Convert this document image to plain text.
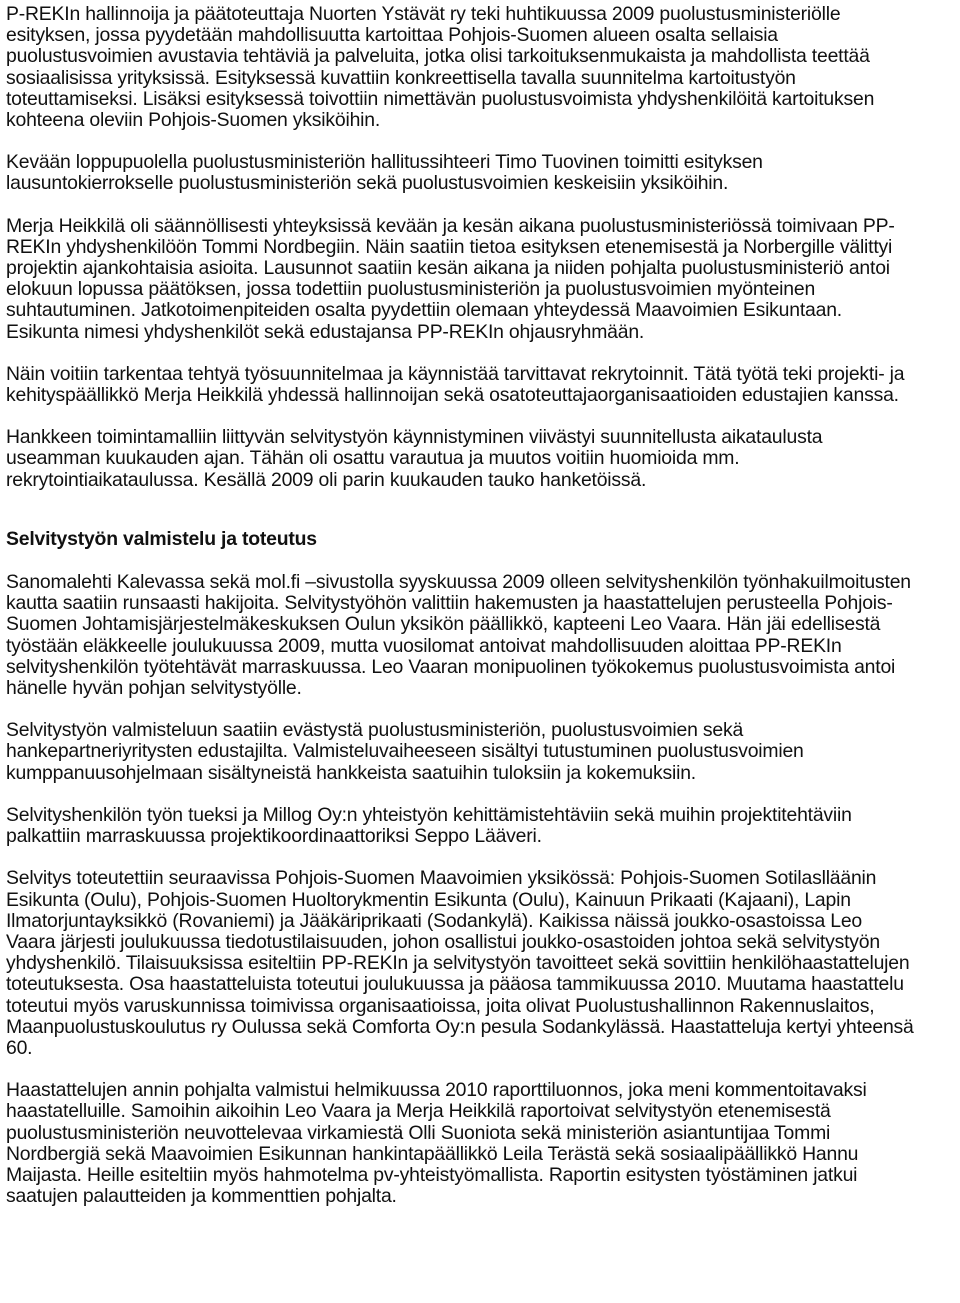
P-REKIn hallinnoija ja päätoteuttaja Nuorten Ystävät ry teki huhtikuussa 2009 puolustusministeriölle
esityksen, jossa pyydetään mahdollisuutta kartoittaa Pohjois-Suomen alueen osalta sellaisia
puolustusvoimien avustavia tehtäviä ja palveluita, jotka olisi tarkoituksenmukaista ja mahdollista teettää
sosiaalisissa yrityksissä. Esityksessä kuvattiin konkreettisella tavalla suunnitelma kartoitustyön
toteuttamiseksi. Lisäksi esityksessä toivottiin nimettävän puolustusvoimista yhdyshenkilöitä kartoituksen
kohteena oleviin Pohjois-Suomen yksiköihin.

Kevään loppupuolella puolustusministeriön hallitussihteeri Timo Tuovinen toimitti esityksen
lausuntokierrokselle puolustusministeriön sekä puolustusvoimien keskeisiin yksiköihin.

Merja Heikkilä oli säännöllisesti yhteyksissä kevään ja kesän aikana puolustusministeriössä toimivaan PP-
REKIn yhdyshenkilöön Tommi Nordbegiin. Näin saatiin tietoa esityksen etenemisestä ja Norbergille välittyi
projektin ajankohtaisia asioita. Lausunnot saatiin kesän aikana ja niiden pohjalta puolustusministeriö antoi
elokuun lopussa päätöksen, jossa todettiin puolustusministeriön ja puolustusvoimien myönteinen
suhtautuminen. Jatkotoimenpiteiden osalta pyydettiin olemaan yhteydessä Maavoimien Esikuntaan.
Esikunta nimesi yhdyshenkilöt sekä edustajansa PP-REKIn ohjausryhmään.

Näin voitiin tarkentaa tehtyä työsuunnitelmaa ja käynnistää tarvittavat rekrytoinnit. Tätä työtä teki projekti- ja
kehityspäällikkö Merja Heikkilä yhdessä hallinnoijan sekä osatoteuttajaorganisaatioiden edustajien kanssa.

Hankkeen toimintamalliin liittyvän selvitystyön käynnistyminen viivästyi suunnitellusta aikataulusta
useamman kuukauden ajan. Tähän oli osattu varautua ja muutos voitiin huomioida mm.
rekrytointiaikataulussa. Kesällä 2009 oli parin kuukauden tauko hanketöissä.

Selvitystyön valmistelu ja toteutus

Sanomalehti Kalevassa sekä mol.fi –sivustolla syyskuussa 2009 olleen selvityshenkilön työnhakuilmoitusten
kautta saatiin runsaasti hakijoita. Selvitystyöhön valittiin hakemusten ja haastattelujen perusteella Pohjois-
Suomen Johtamisjärjestelmäkeskuksen Oulun yksikön päällikkö, kapteeni Leo Vaara. Hän jäi edellisestä
työstään eläkkeelle joulukuussa 2009, mutta vuosilomat antoivat mahdollisuuden aloittaa PP-REKIn
selvityshenkilön työtehtävät marraskuussa. Leo Vaaran monipuolinen työkokemus puolustusvoimista antoi
hänelle hyvän pohjan selvitystyölle.

Selvitystyön valmisteluun saatiin evästystä puolustusministeriön, puolustusvoimien sekä
hankepartneriyritysten edustajilta. Valmisteluvaiheeseen sisältyi tutustuminen puolustusvoimien
kumppanuusohjelmaan sisältyneistä hankkeista saatuihin tuloksiin ja kokemuksiin.

Selvityshenkilön työn tueksi ja Millog Oy:n yhteistyön kehittämistehtäviin sekä muihin projektitehtäviin
palkattiin marraskuussa projektikoordinaattoriksi Seppo Lääveri.

Selvitys toteutettiin seuraavissa Pohjois-Suomen Maavoimien yksikössä: Pohjois-Suomen Sotilaslläänin
Esikunta (Oulu), Pohjois-Suomen Huoltorykmentin Esikunta (Oulu), Kainuun Prikaati (Kajaani), Lapin
Ilmatorjuntayksikkö (Rovaniemi) ja Jääkäriprikaati (Sodankylä). Kaikissa näissä joukko-osastoissa Leo
Vaara järjesti joulukuussa tiedotustilaisuuden, johon osallistui joukko-osastoiden johtoa sekä selvitystyön
yhdyshenkilö. Tilaisuuksissa esiteltiin PP-REKIn ja selvitystyön tavoitteet sekä sovittiin henkilöhaastattelujen
toteutuksesta. Osa haastatteluista toteutui joulukuussa ja pääosa tammikuussa 2010. Muutama haastattelu
toteutui myös varuskunnissa toimivissa organisaatioissa, joita olivat Puolustushallinnon Rakennuslaitos,
Maanpuolustuskoulutus ry Oulussa sekä Comforta Oy:n pesula Sodankylässä. Haastatteluja kertyi yhteensä
60.

Haastattelujen annin pohjalta valmistui helmikuussa 2010 raporttiluonnos, joka meni kommentoitavaksi
haastatelluille. Samoihin aikoihin Leo Vaara ja Merja Heikkilä raportoivat selvitystyön etenemisestä
puolustusministeriön neuvottelevaa virkamiestä Olli Suoniota sekä ministeriön asiantuntijaa Tommi
Nordbergiä sekä Maavoimien Esikunnan hankintapäällikkö Leila Terästä sekä sosiaalipäällikkö Hannu
Maijasta. Heille esiteltiin myös hahmotelma pv-yhteistyömallista. Raportin esitysten työstäminen jatkui
saatujen palautteiden ja kommenttien pohjalta.
